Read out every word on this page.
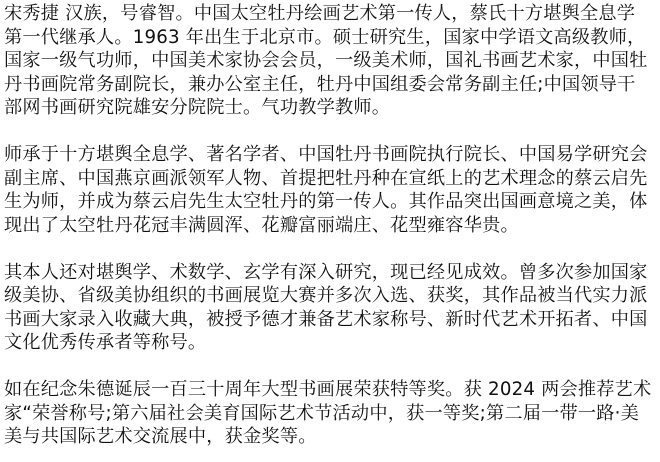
宋秀捷 汉族，号睿智。中国太空牡丹绘画艺术第一传人，蔡氏十方堪舆全息学
第一代继承人。1963 年出生于北京市。硕士研究生，国家中学语文高级教师，
国家一级气功师，中国美术家协会会员，一级美术师，国礼书画艺术家，中国牡
丹书画院常务副院长，兼办公室主任，牡丹中国组委会常务副主任;中国领导干
部网书画研究院雄安分院院士。气功教学教师。
师承于十方堪舆全息学、著名学者、中国牡丹书画院执行院长、中国易学研究会
副主席、中国燕京画派领军人物、首提把牡丹种在宣纸上的艺术理念的蔡云启先
生为师，并成为蔡云启先生太空牡丹的第一传人。其作品突出国画意境之美，体
现出了太空牡丹花冠丰满圆浑、花瓣富丽端庄、花型雍容华贵。
其本人还对堪舆学、术数学、玄学有深入研究，现已经见成效。曾多次参加国家
级美协、省级美协组织的书画展览大赛并多次入选、获奖，其作品被当代实力派
书画大家录入收藏大典，被授予德才兼备艺术家称号、新时代艺术开拓者、中国
文化优秀传承者等称号。
如在纪念朱德诞辰一百三十周年大型书画展荣获特等奖。获 2024 两会推荐艺术
家“荣誉称号;第六届社会美育国际艺术节活动中，获一等奖;第二届一带一路·美
美与共国际艺术交流展中，获金奖等。
